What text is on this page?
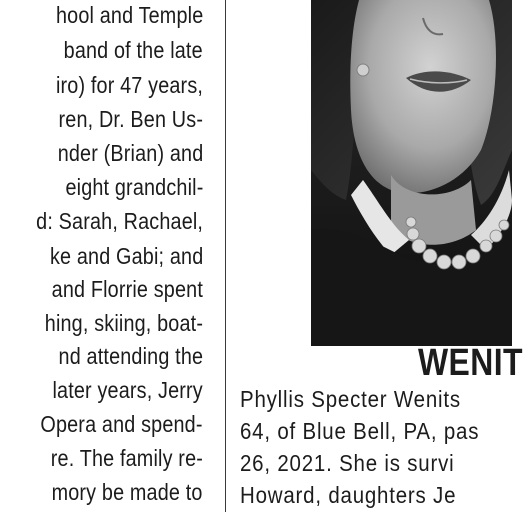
hool and Temple
band of the late
iro) for 47 years,
ren, Dr. Ben Us-
nder (Brian) and
eight grandchil-
d: Sarah, Rachael,
ke and Gabi; and
and Florrie spent
hing, skiing, boat-
nd attending the
later years, Jerry
Opera and spend-
re. The family re-
mory be made to
WENIT
Phyllis Specter Wenits
64, of Blue Bell, PA, pas
26, 2021. She is survi
Howard, daughters Je
